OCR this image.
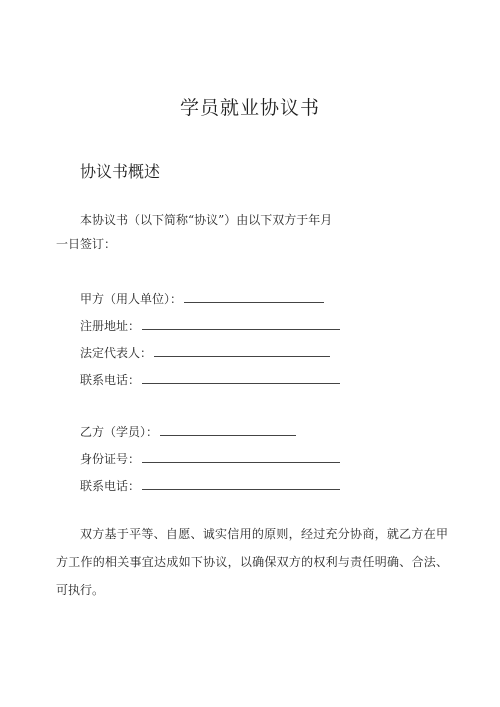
学员就业协议书
协议书概述
本协议书（以下简称“协议”）由以下双方于年月
一日签订：
甲方（用人单位）：
注册地址：
法定代表人：
联系电话：
乙方（学员）：
身份证号：
联系电话：
双方基于平等、自愿、诚实信用的原则，经过充分协商，就乙方在甲方工作的相关事宜达成如下协议，以确保双方的权利与责任明确、合法、可执行。
